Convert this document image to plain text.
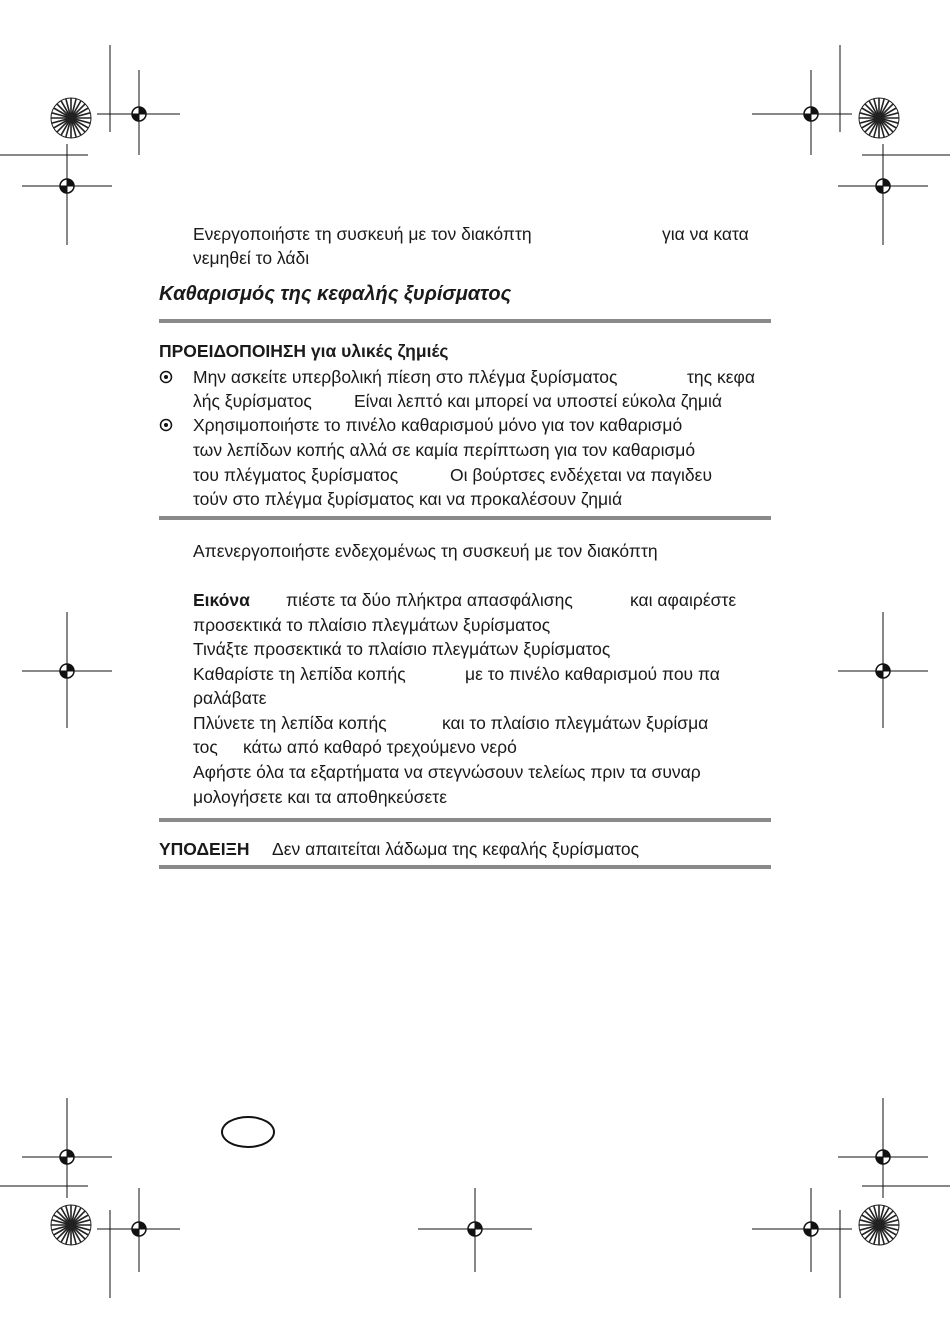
Ενεργοποιήστε τη συσκευή με τον διακόπτη	για να κατα
νεμηθεί το λάδι
Καθαρισμός της κεφαλής ξυρίσματος
ΠΡΟΕΙΔΟΠΟΙΗΣΗ για υλικές ζημιές
Μην ασκείτε υπερβολική πίεση στο πλέγμα ξυρίσματος	της κεφα
λής ξυρίσματος Είναι λεπτό και μπορεί να υποστεί εύκολα ζημιά
Χρησιμοποιήστε το πινέλο καθαρισμού μόνο για τον καθαρισμό
των λεπίδων κοπής αλλά σε καμία περίπτωση για τον καθαρισμό
του πλέγματος ξυρίσματος	Οι βούρτσες ενδέχεται να παγιδευ
τούν στο πλέγμα ξυρίσματος και να προκαλέσουν ζημιά
Απενεργοποιήστε ενδεχομένως τη συσκευή με τον διακόπτη
Εικόνα πιέστε τα δύο πλήκτρα απασφάλισης	και αφαιρέστε
προσεκτικά το πλαίσιο πλεγμάτων ξυρίσματος
Τινάξτε προσεκτικά το πλαίσιο πλεγμάτων ξυρίσματος
Καθαρίστε τη λεπίδα κοπής	με το πινέλο καθαρισμού που πα
ραλάβατε
Πλύνετε τη λεπίδα κοπής	και το πλαίσιο πλεγμάτων ξυρίσμα
τος κάτω από καθαρό τρεχούμενο νερό
Αφήστε όλα τα εξαρτήματα να στεγνώσουν τελείως πριν τα συναρ
μολογήσετε και τα αποθηκεύσετε
ΥΠΟΔΕΙΞΗ Δεν απαιτείται λάδωμα της κεφαλής ξυρίσματος
